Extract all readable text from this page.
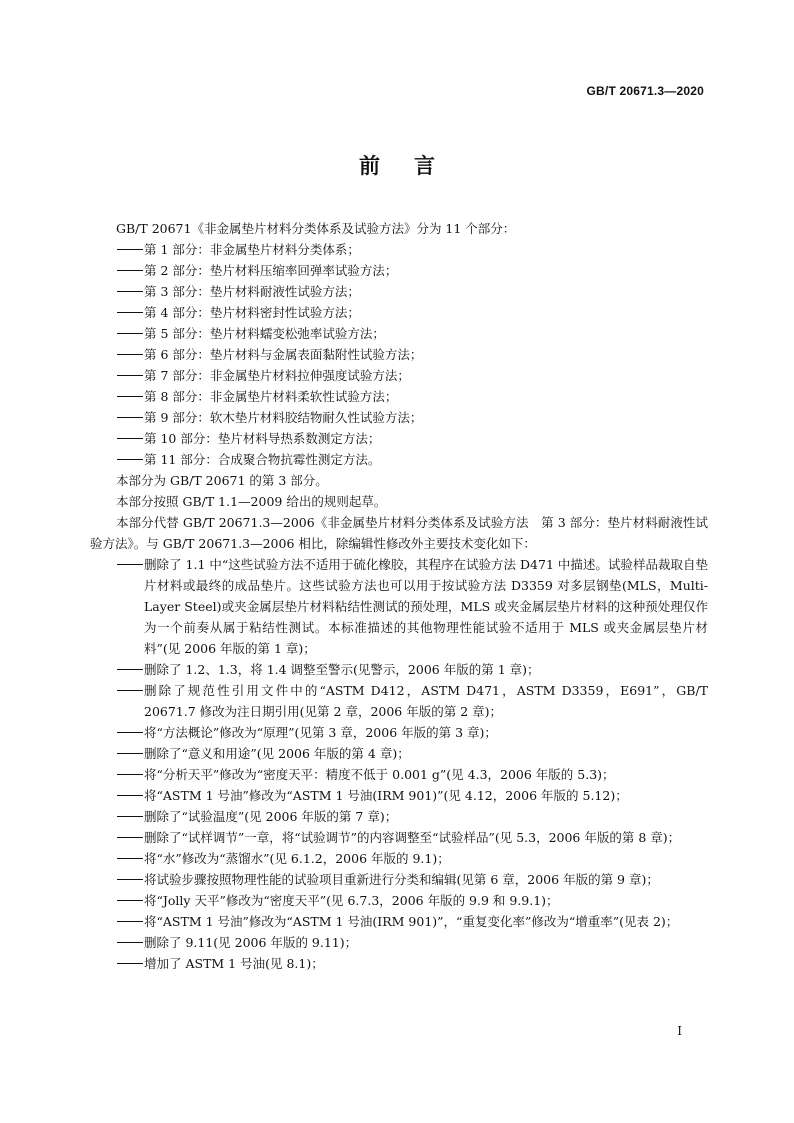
GB/T 20671.3—2020
前言
GB/T 20671《非金属垫片材料分类体系及试验方法》分为 11 个部分：
第 1 部分：非金属垫片材料分类体系；
第 2 部分：垫片材料压缩率回弹率试验方法；
第 3 部分：垫片材料耐液性试验方法；
第 4 部分：垫片材料密封性试验方法；
第 5 部分：垫片材料蠕变松弛率试验方法；
第 6 部分：垫片材料与金属表面黏附性试验方法；
第 7 部分：非金属垫片材料拉伸强度试验方法；
第 8 部分：非金属垫片材料柔软性试验方法；
第 9 部分：软木垫片材料胶结物耐久性试验方法；
第 10 部分：垫片材料导热系数测定方法；
第 11 部分：合成聚合物抗霉性测定方法。
本部分为 GB/T 20671 的第 3 部分。
本部分按照 GB/T 1.1—2009 给出的规则起草。
本部分代替 GB/T 20671.3—2006《非金属垫片材料分类体系及试验方法　第 3 部分：垫片材料耐液性试验方法》。与 GB/T 20671.3—2006 相比，除编辑性修改外主要技术变化如下：
删除了 1.1 中“这些试验方法不适用于硫化橡胶，其程序在试验方法 D471 中描述。试验样品裁取自垫片材料或最终的成品垫片。这些试验方法也可以用于按试验方法 D3359 对多层钢垫(MLS，Multi-Layer Steel)或夹金属层垫片材料粘结性测试的预处理，MLS 或夹金属层垫片材料的这种预处理仅作为一个前奏从属于粘结性测试。本标准描述的其他物理性能试验不适用于 MLS 或夹金属层垫片材料”(见 2006 年版的第 1 章)；
删除了 1.2、1.3，将 1.4 调整至警示(见警示，2006 年版的第 1 章)；
删除了规范性引用文件中的“ASTM D412，ASTM D471，ASTM D3359，E691”，GB/T 20671.7 修改为注日期引用(见第 2 章，2006 年版的第 2 章)；
将“方法概论”修改为“原理”(见第 3 章，2006 年版的第 3 章)；
删除了“意义和用途”(见 2006 年版的第 4 章)；
将“分析天平”修改为“密度天平：精度不低于 0.001 g”(见 4.3，2006 年版的 5.3)；
将“ASTM 1 号油”修改为“ASTM 1 号油(IRM 901)”(见 4.12，2006 年版的 5.12)；
删除了“试验温度”(见 2006 年版的第 7 章)；
删除了“试样调节”一章，将“试验调节”的内容调整至“试验样品”(见 5.3，2006 年版的第 8 章)；
将“水”修改为“蒸馏水”(见 6.1.2，2006 年版的 9.1)；
将试验步骤按照物理性能的试验项目重新进行分类和编辑(见第 6 章，2006 年版的第 9 章)；
将“Jolly 天平”修改为“密度天平”(见 6.7.3，2006 年版的 9.9 和 9.9.1)；
将“ASTM 1 号油”修改为“ASTM 1 号油(IRM 901)”，“重复变化率”修改为“增重率”(见表 2)；
删除了 9.11(见 2006 年版的 9.11)；
增加了 ASTM 1 号油(见 8.1)；
I
